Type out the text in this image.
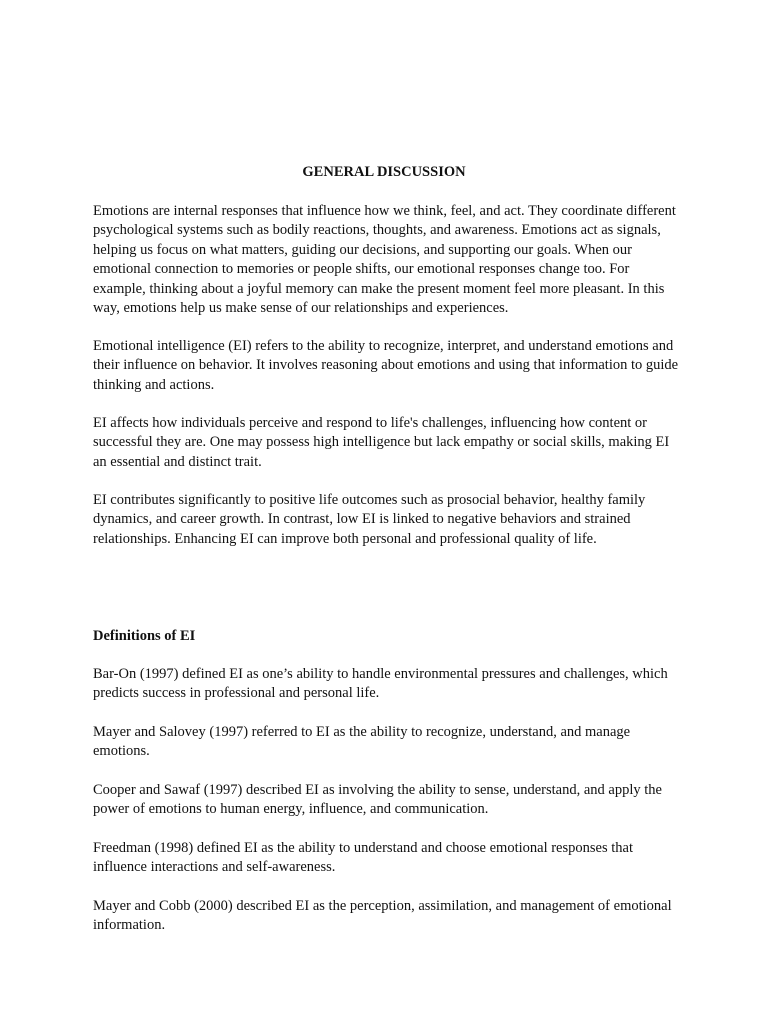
GENERAL DISCUSSION

Emotions are internal responses that influence how we think, feel, and act. They coordinate different psychological systems such as bodily reactions, thoughts, and awareness. Emotions act as signals, helping us focus on what matters, guiding our decisions, and supporting our goals. When our emotional connection to memories or people shifts, our emotional responses change too. For example, thinking about a joyful memory can make the present moment feel more pleasant. In this way, emotions help us make sense of our relationships and experiences.

Emotional intelligence (EI) refers to the ability to recognize, interpret, and understand emotions and their influence on behavior. It involves reasoning about emotions and using that information to guide thinking and actions.

EI affects how individuals perceive and respond to life's challenges, influencing how content or successful they are. One may possess high intelligence but lack empathy or social skills, making EI an essential and distinct trait.

EI contributes significantly to positive life outcomes such as prosocial behavior, healthy family dynamics, and career growth. In contrast, low EI is linked to negative behaviors and strained relationships. Enhancing EI can improve both personal and professional quality of life.

Definitions of EI

Bar-On (1997) defined EI as one’s ability to handle environmental pressures and challenges, which predicts success in professional and personal life.

Mayer and Salovey (1997) referred to EI as the ability to recognize, understand, and manage emotions.

Cooper and Sawaf (1997) described EI as involving the ability to sense, understand, and apply the power of emotions to human energy, influence, and communication.

Freedman (1998) defined EI as the ability to understand and choose emotional responses that influence interactions and self-awareness.

Mayer and Cobb (2000) described EI as the perception, assimilation, and management of emotional information.
